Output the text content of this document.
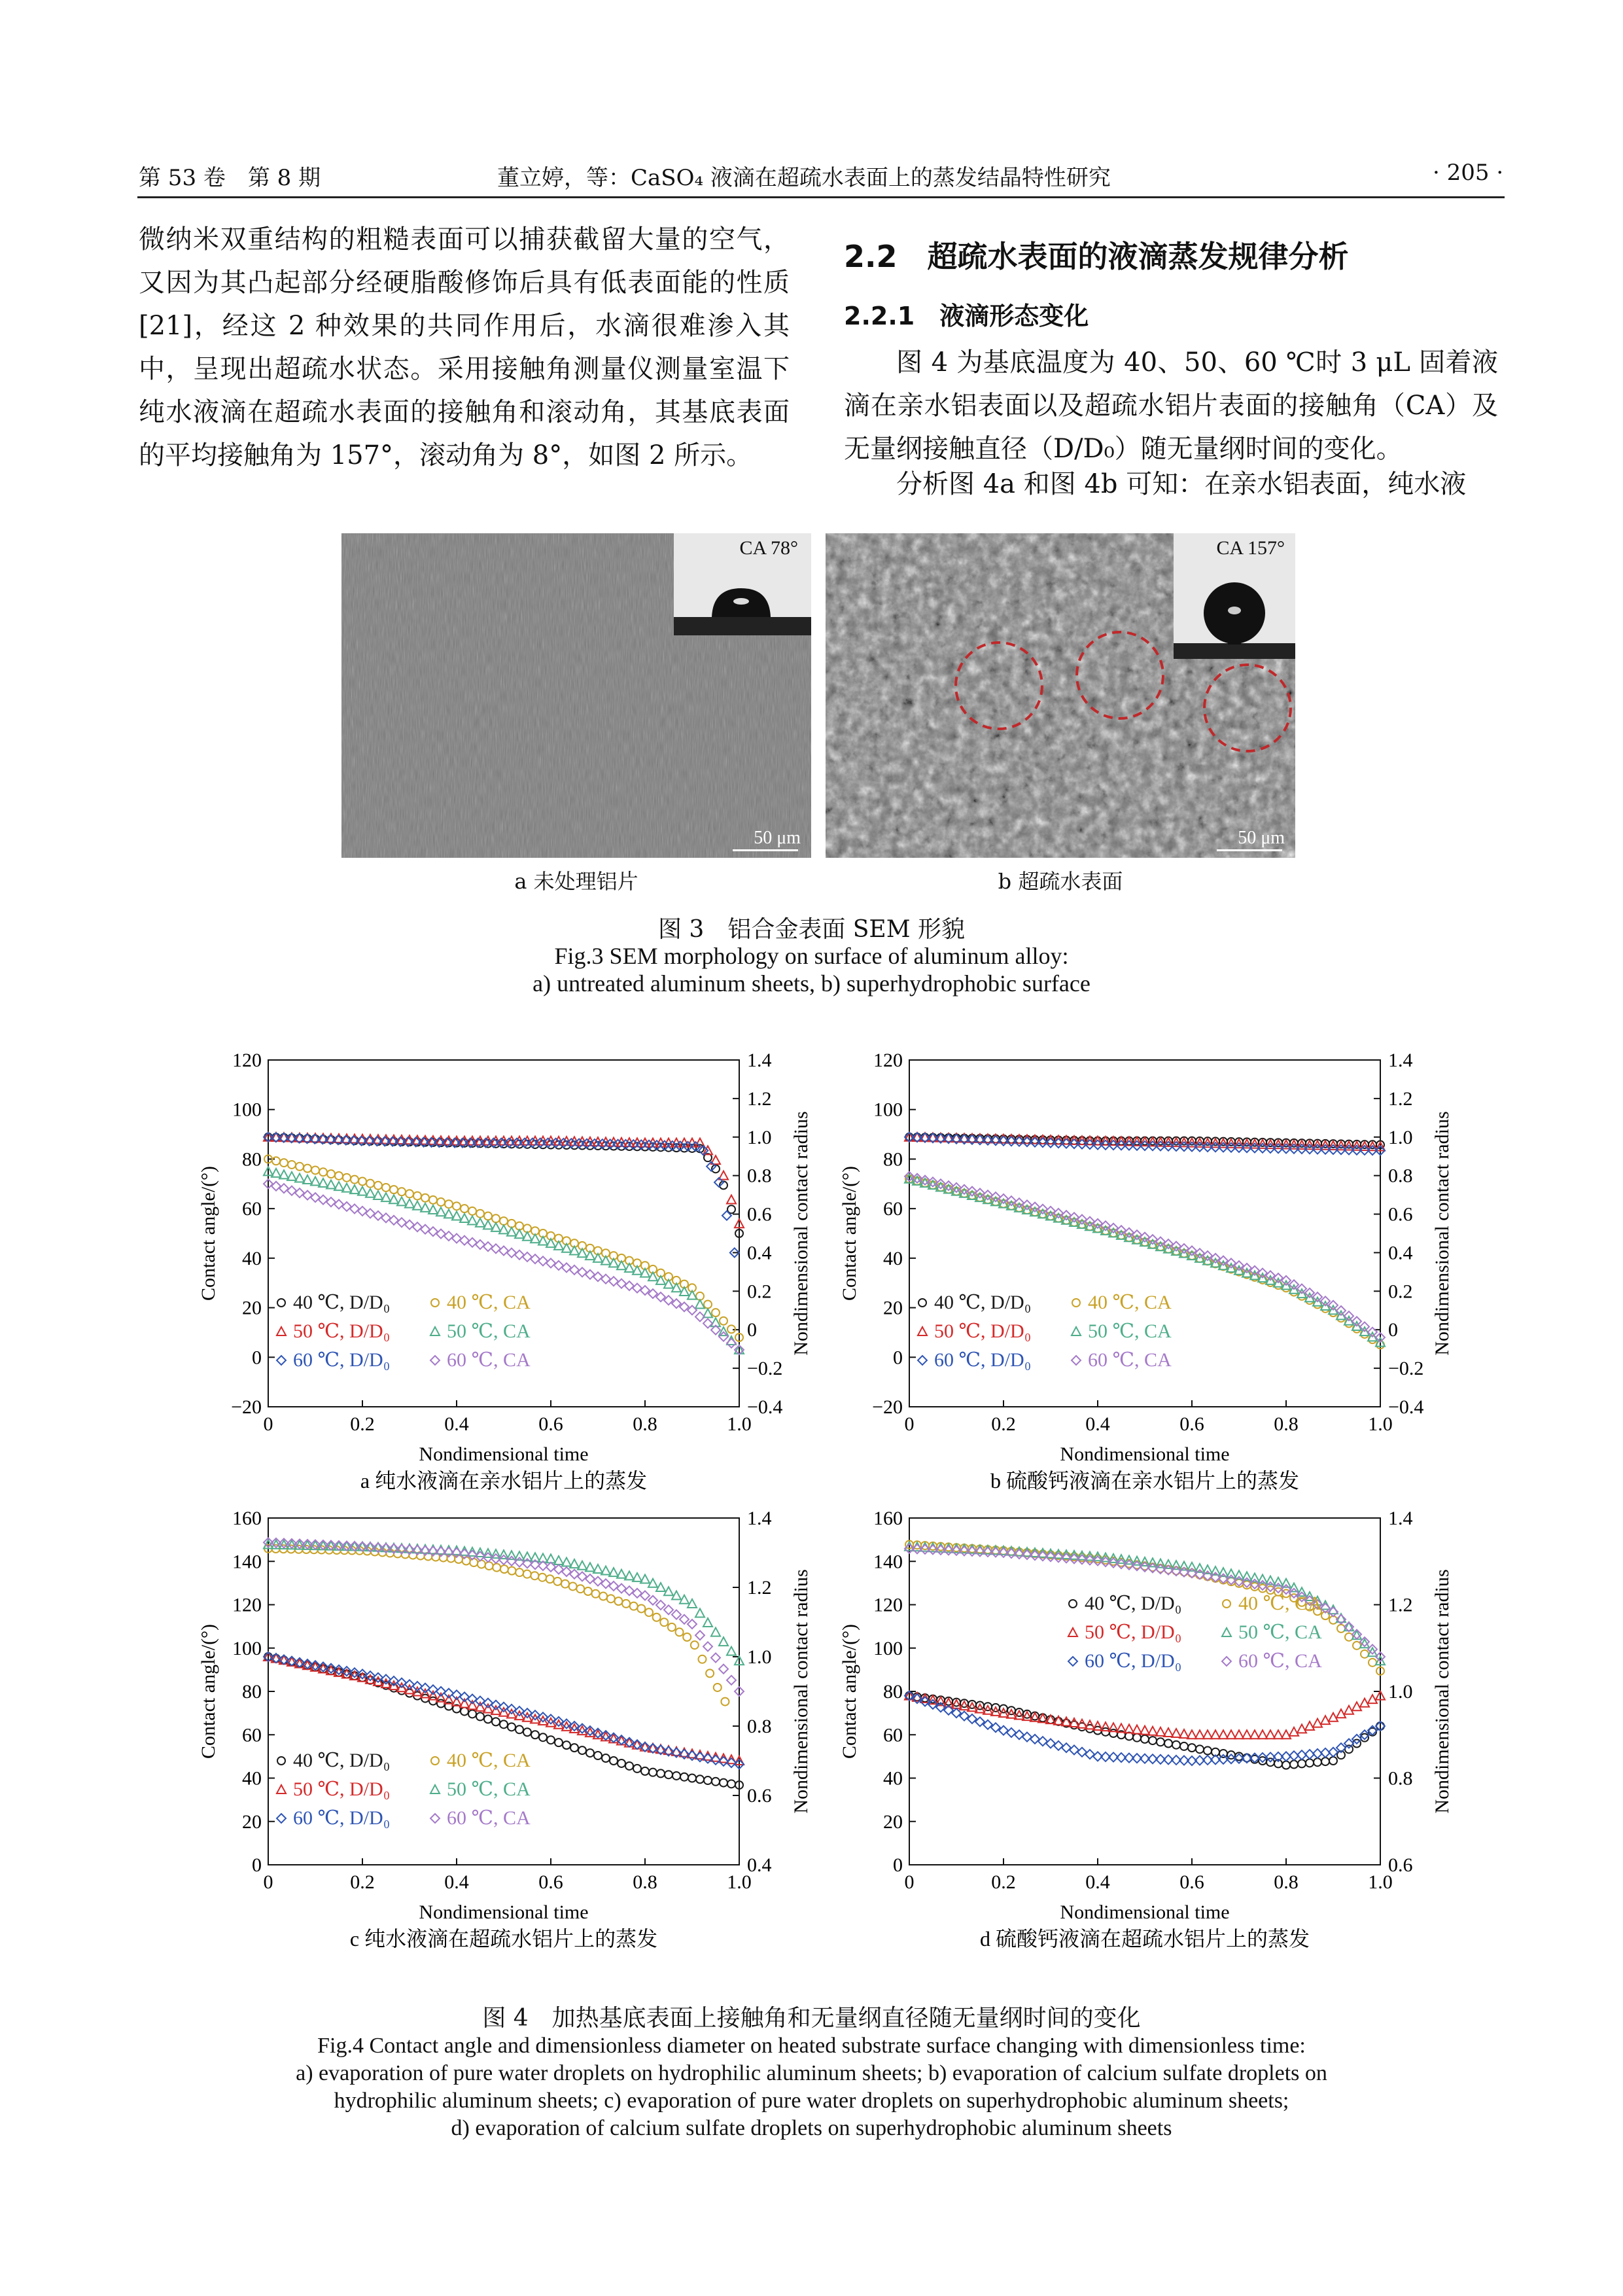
第 53 卷　第 8 期	董立婷，等：CaSO₄ 液滴在超疏水表面上的蒸发结晶特性研究	· 205 ·
微纳米双重结构的粗糙表面可以捕获截留大量的空气，又因为其凸起部分经硬脂酸修饰后具有低表面能的性质[21]，经这 2 种效果的共同作用后，水滴很难渗入其中，呈现出超疏水状态。采用接触角测量仪测量室温下纯水液滴在超疏水表面的接触角和滚动角，其基底表面的平均接触角为 157°，滚动角为 8°，如图 2 所示。
2.2　超疏水表面的液滴蒸发规律分析
2.2.1　液滴形态变化
图 4 为基底温度为 40、50、60 ℃时 3 μL 固着液滴在亲水铝表面以及超疏水铝片表面的接触角（CA）及无量纲接触直径（D/D₀）随无量纲时间的变化。
分析图 4a 和图 4b 可知：在亲水铝表面，纯水液
CA 78°
50 μm
CA 157°
50 μm
a 未处理铝片	b 超疏水表面
图 3　铝合金表面 SEM 形貌
Fig.3 SEM morphology on surface of aluminum alloy:
a) untreated aluminum sheets, b) superhydrophobic surface
0	0.2	0.4	0.6	0.8	1.0
−20
0
20
40
60
80
100
120
−0.4
−0.2
0
0.2
0.4
0.6
0.8
1.0
1.2
1.4
Nondimensional time
Contact angle/(°)	Nondimensional contact radius
40 ℃, D/D₀
50 ℃, D/D₀
60 ℃, D/D₀
40 ℃, CA
50 ℃, CA
60 ℃, CA
a 纯水液滴在亲水铝片上的蒸发
0	0.2	0.4	0.6	0.8	1.0
−20
0
20
40
60
80
100
120
−0.4
−0.2
0
0.2
0.4
0.6
0.8
1.0
1.2
1.4
Nondimensional time
Contact angle/(°)	Nondimensional contact radius
40 ℃, D/D₀
50 ℃, D/D₀
60 ℃, D/D₀
40 ℃, CA
50 ℃, CA
60 ℃, CA
b 硫酸钙液滴在亲水铝片上的蒸发
0	0.2	0.4	0.6	0.8	1.0
0
20
40
60
80
100
120
140
160
0.4
0.6
0.8
1.0
1.2
1.4
Nondimensional time
Contact angle/(°)	Nondimensional contact radius
40 ℃, D/D₀
50 ℃, D/D₀
60 ℃, D/D₀
40 ℃, CA
50 ℃, CA
60 ℃, CA
c 纯水液滴在超疏水铝片上的蒸发
0	0.2	0.4	0.6	0.8	1.0
0
20
40
60
80
100
120
140
160
0.6
0.8
1.0
1.2
1.4
Nondimensional time
Contact angle/(°)	Nondimensional contact radius
40 ℃, D/D₀
50 ℃, D/D₀
60 ℃, D/D₀
40 ℃, CA
50 ℃, CA
60 ℃, CA
d 硫酸钙液滴在超疏水铝片上的蒸发
图 4　加热基底表面上接触角和无量纲直径随无量纲时间的变化
Fig.4 Contact angle and dimensionless diameter on heated substrate surface changing with dimensionless time:
a) evaporation of pure water droplets on hydrophilic aluminum sheets; b) evaporation of calcium sulfate droplets on
hydrophilic aluminum sheets; c) evaporation of pure water droplets on superhydrophobic aluminum sheets;
d) evaporation of calcium sulfate droplets on superhydrophobic aluminum sheets
